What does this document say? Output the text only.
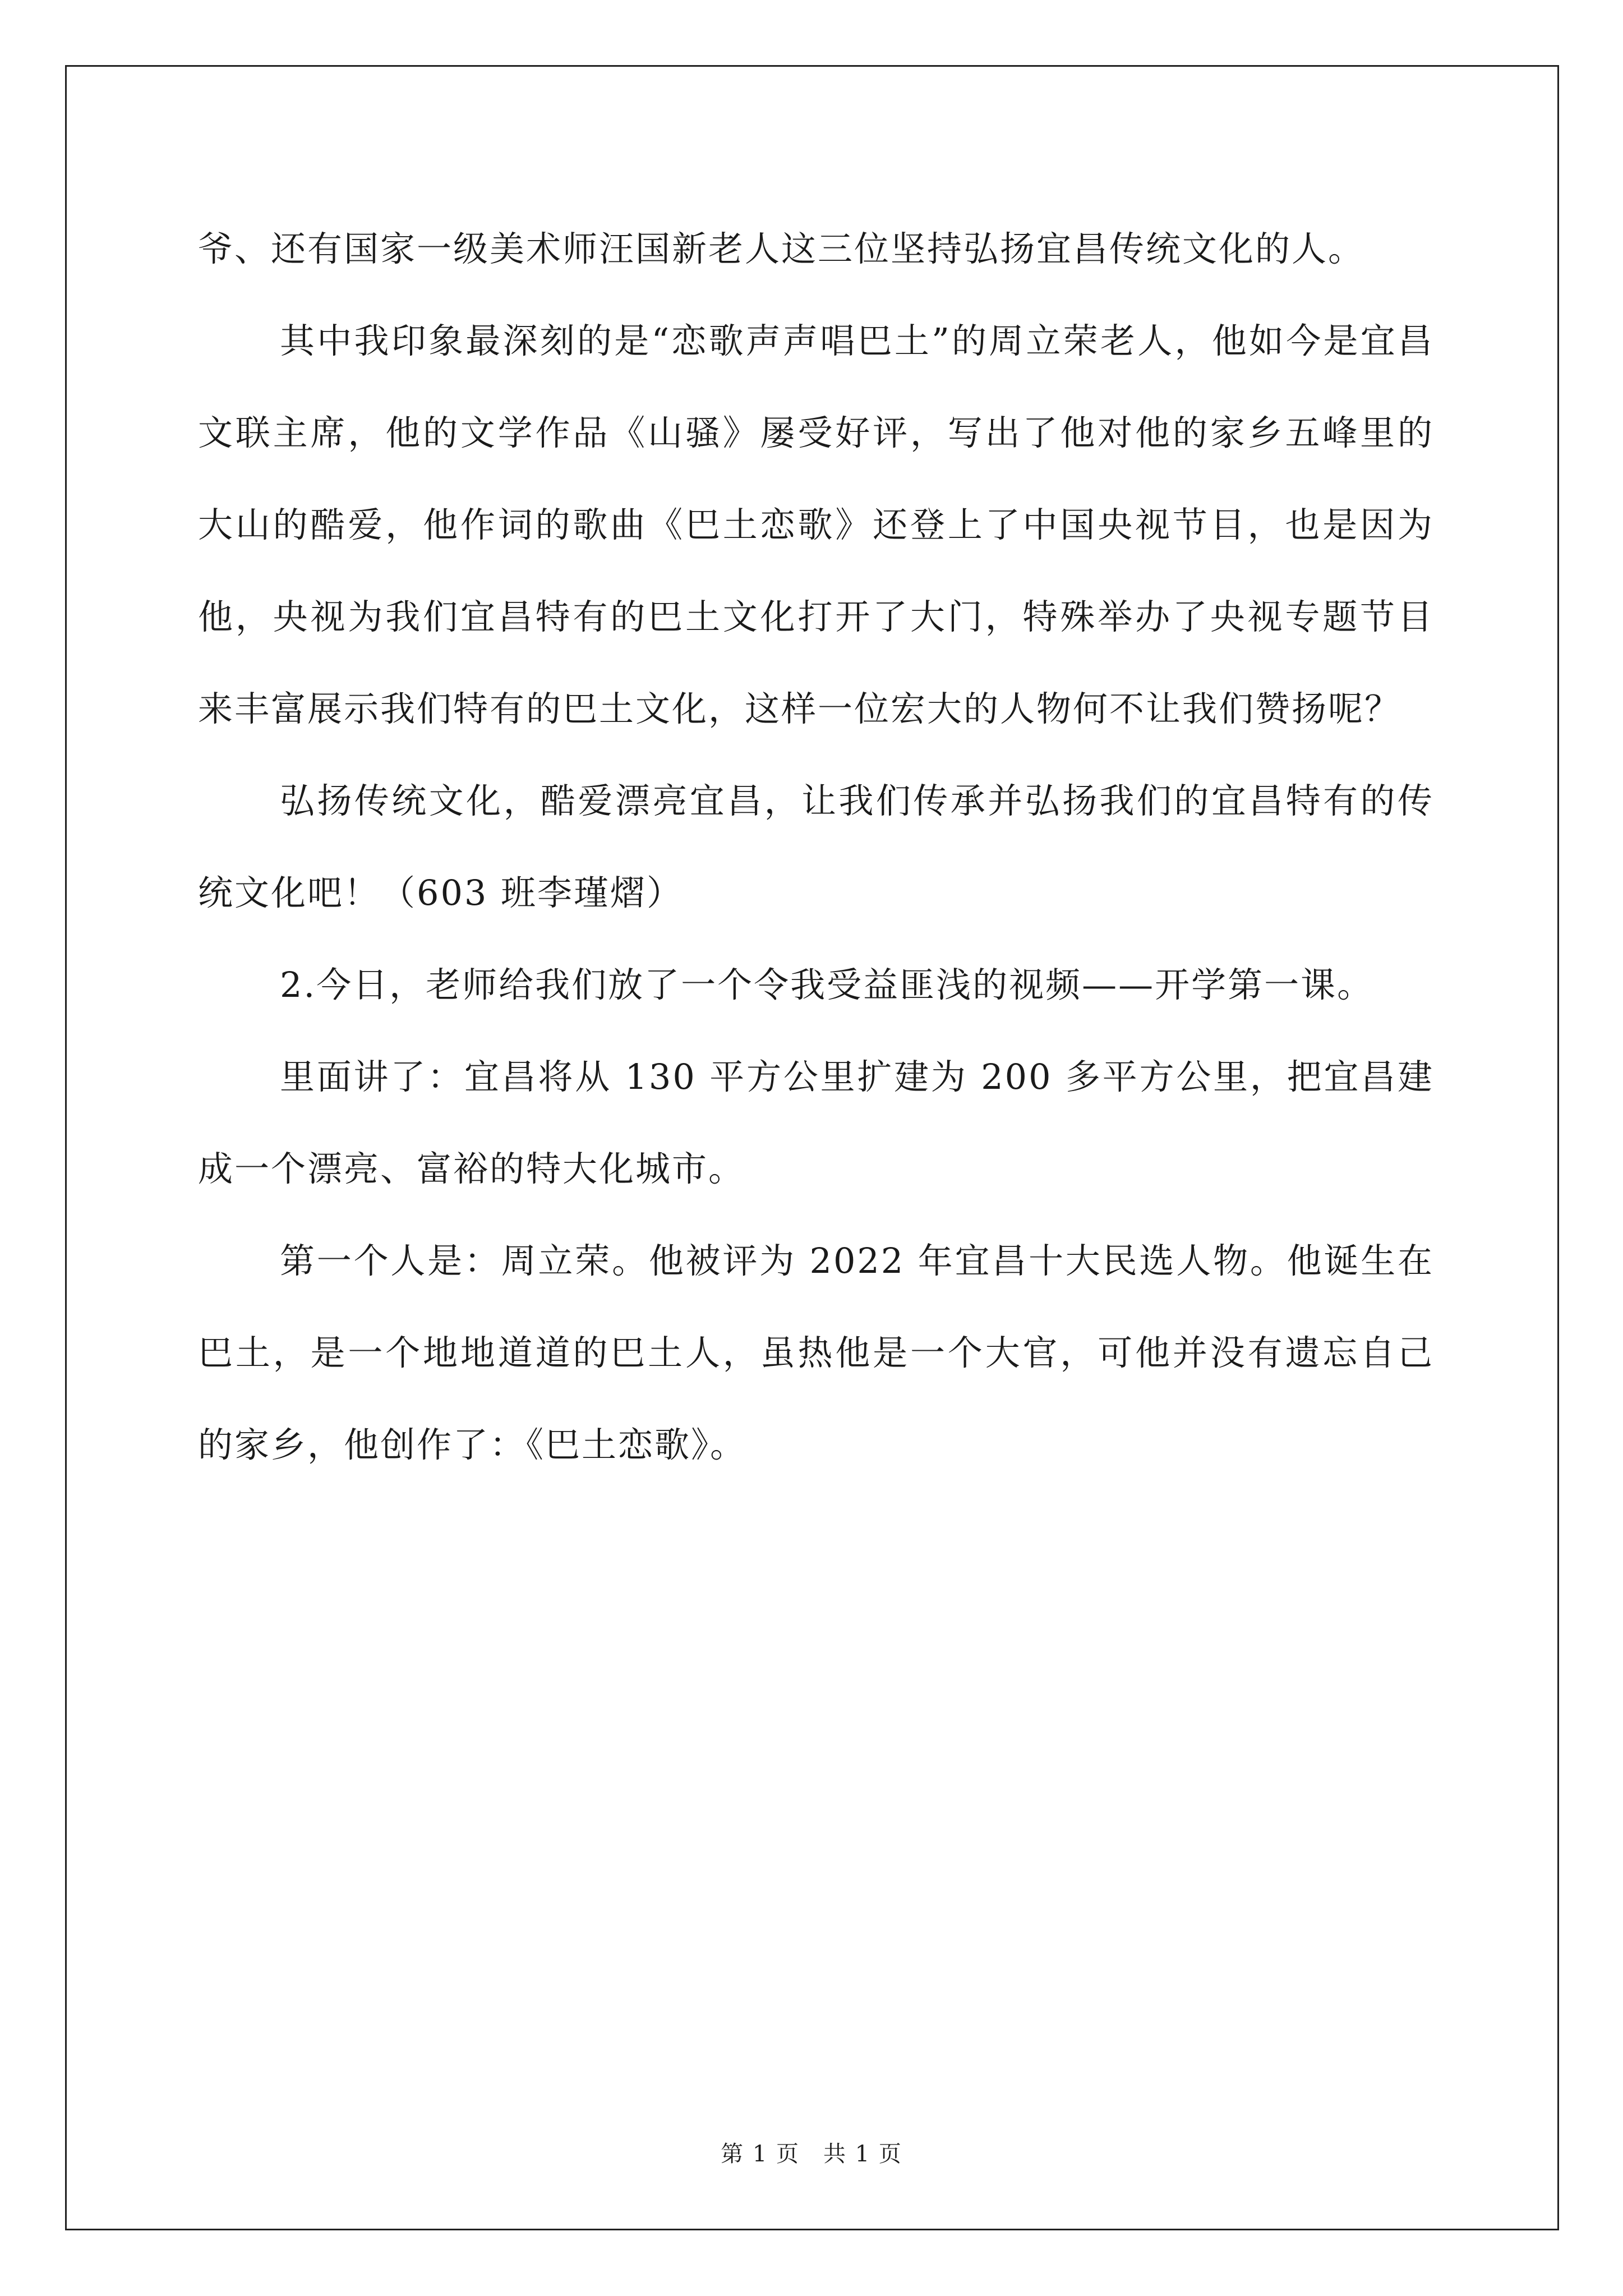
爷、还有国家一级美术师汪国新老人这三位坚持弘扬宜昌传统文化的人。

其中我印象最深刻的是“恋歌声声唱巴土”的周立荣老人，他如今是宜昌文联主席，他的文学作品《山骚》屡受好评，写出了他对他的家乡五峰里的大山的酷爱，他作词的歌曲《巴土恋歌》还登上了中国央视节目，也是因为他，央视为我们宜昌特有的巴土文化打开了大门，特殊举办了央视专题节目来丰富展示我们特有的巴土文化，这样一位宏大的人物何不让我们赞扬呢？

弘扬传统文化，酷爱漂亮宜昌，让我们传承并弘扬我们的宜昌特有的传统文化吧！（603 班李瑾熠）

2.今日，老师给我们放了一个令我受益匪浅的视频——开学第一课。

里面讲了：宜昌将从 130 平方公里扩建为 200 多平方公里，把宜昌建成一个漂亮、富裕的特大化城市。

第一个人是：周立荣。他被评为 2022 年宜昌十大民选人物。他诞生在巴土，是一个地地道道的巴土人，虽热他是一个大官，可他并没有遗忘自己的家乡，他创作了：《巴土恋歌》。

第 1 页　共 1 页
